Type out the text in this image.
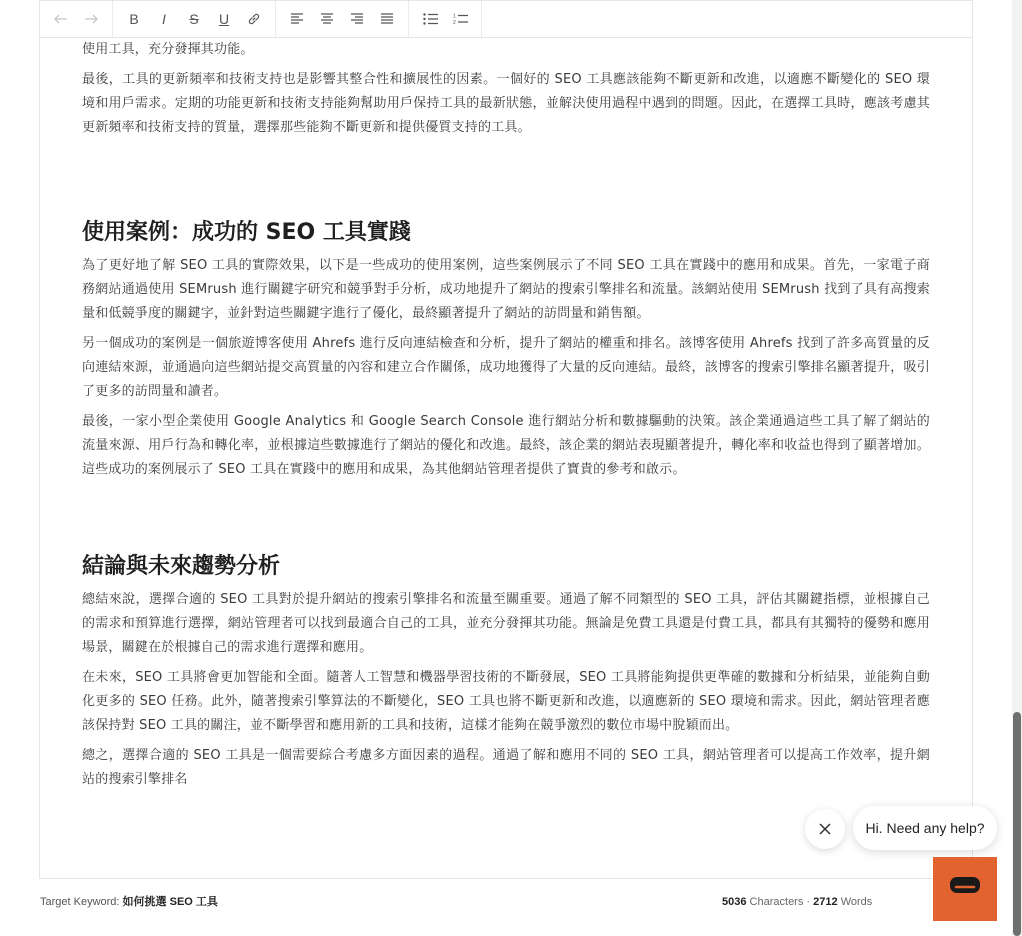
B	I	S	U	1
2

使用工具，充分發揮其功能。

最後，工具的更新頻率和技術支持也是影響其整合性和擴展性的因素。一個好的 SEO 工具應該能夠不斷更新和改進，以適應不斷變化的 SEO 環境和用戶需求。定期的功能更新和技術支持能夠幫助用戶保持工具的最新狀態，並解決使用過程中遇到的問題。因此，在選擇工具時，應該考慮其更新頻率和技術支持的質量，選擇那些能夠不斷更新和提供優質支持的工具。

使用案例：成功的 SEO 工具實踐

為了更好地了解 SEO 工具的實際效果，以下是一些成功的使用案例，這些案例展示了不同 SEO 工具在實踐中的應用和成果。首先，一家電子商務網站通過使用 SEMrush 進行關鍵字研究和競爭對手分析，成功地提升了網站的搜索引擎排名和流量。該網站使用 SEMrush 找到了具有高搜索量和低競爭度的關鍵字，並針對這些關鍵字進行了優化，最終顯著提升了網站的訪問量和銷售額。

另一個成功的案例是一個旅遊博客使用 Ahrefs 進行反向連結檢查和分析，提升了網站的權重和排名。該博客使用 Ahrefs 找到了許多高質量的反向連結來源，並通過向這些網站提交高質量的內容和建立合作關係，成功地獲得了大量的反向連結。最終，該博客的搜索引擎排名顯著提升，吸引了更多的訪問量和讀者。

最後，一家小型企業使用 Google Analytics 和 Google Search Console 進行網站分析和數據驅動的決策。該企業通過這些工具了解了網站的流量來源、用戶行為和轉化率，並根據這些數據進行了網站的優化和改進。最終，該企業的網站表現顯著提升，轉化率和收益也得到了顯著增加。這些成功的案例展示了 SEO 工具在實踐中的應用和成果，為其他網站管理者提供了寶貴的參考和啟示。

結論與未來趨勢分析

總結來說，選擇合適的 SEO 工具對於提升網站的搜索引擎排名和流量至關重要。通過了解不同類型的 SEO 工具，評估其關鍵指標，並根據自己的需求和預算進行選擇，網站管理者可以找到最適合自己的工具，並充分發揮其功能。無論是免費工具還是付費工具，都具有其獨特的優勢和應用場景，關鍵在於根據自己的需求進行選擇和應用。

在未來，SEO 工具將會更加智能和全面。隨著人工智慧和機器學習技術的不斷發展，SEO 工具將能夠提供更準確的數據和分析結果，並能夠自動化更多的 SEO 任務。此外，隨著搜索引擎算法的不斷變化，SEO 工具也將不斷更新和改進，以適應新的 SEO 環境和需求。因此，網站管理者應該保持對 SEO 工具的關注，並不斷學習和應用新的工具和技術，這樣才能夠在競爭激烈的數位市場中脫穎而出。

總之，選擇合適的 SEO 工具是一個需要綜合考慮多方面因素的過程。通過了解和應用不同的 SEO 工具，網站管理者可以提高工作效率，提升網站的搜索引擎排名

Target Keyword: 如何挑選 SEO 工具	5036 Characters · 2712 Words
Hi. Need any help?
